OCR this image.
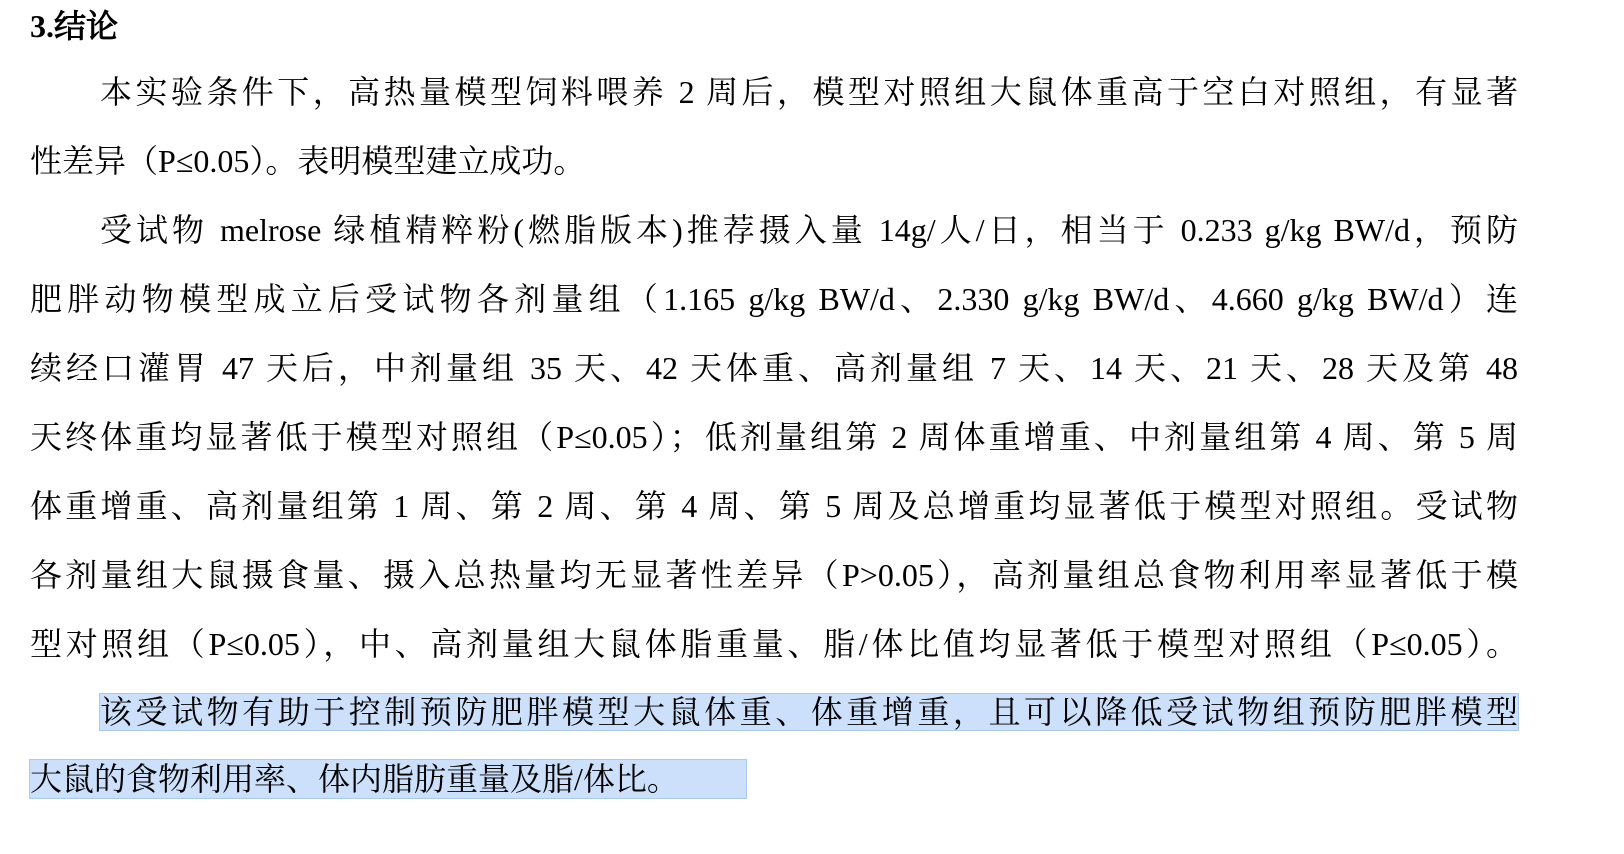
3.结论
本实验条件下，高热量模型饲料喂养 2 周后，模型对照组大鼠体重高于空白对照组，有显著
性差异（P≤0.05）。表明模型建立成功。
受试物 melrose 绿植精粹粉(燃脂版本)推荐摄入量 14g/人/日，相当于 0.233 g/kg BW/d，预防
肥胖动物模型成立后受试物各剂量组（1.165 g/kg BW/d、2.330 g/kg BW/d、4.660 g/kg BW/d）连
续经口灌胃 47 天后，中剂量组 35 天、42 天体重、高剂量组 7 天、14 天、21 天、28 天及第 48
天终体重均显著低于模型对照组（P≤0.05）；低剂量组第 2 周体重增重、中剂量组第 4 周、第 5 周
体重增重、高剂量组第 1 周、第 2 周、第 4 周、第 5 周及总增重均显著低于模型对照组。受试物
各剂量组大鼠摄食量、摄入总热量均无显著性差异（P>0.05），高剂量组总食物利用率显著低于模
型对照组（P≤0.05），中、高剂量组大鼠体脂重量、脂/体比值均显著低于模型对照组（P≤0.05）。
该受试物有助于控制预防肥胖模型大鼠体重、体重增重，且可以降低受试物组预防肥胖模型
大鼠的食物利用率、体内脂肪重量及脂/体比。
